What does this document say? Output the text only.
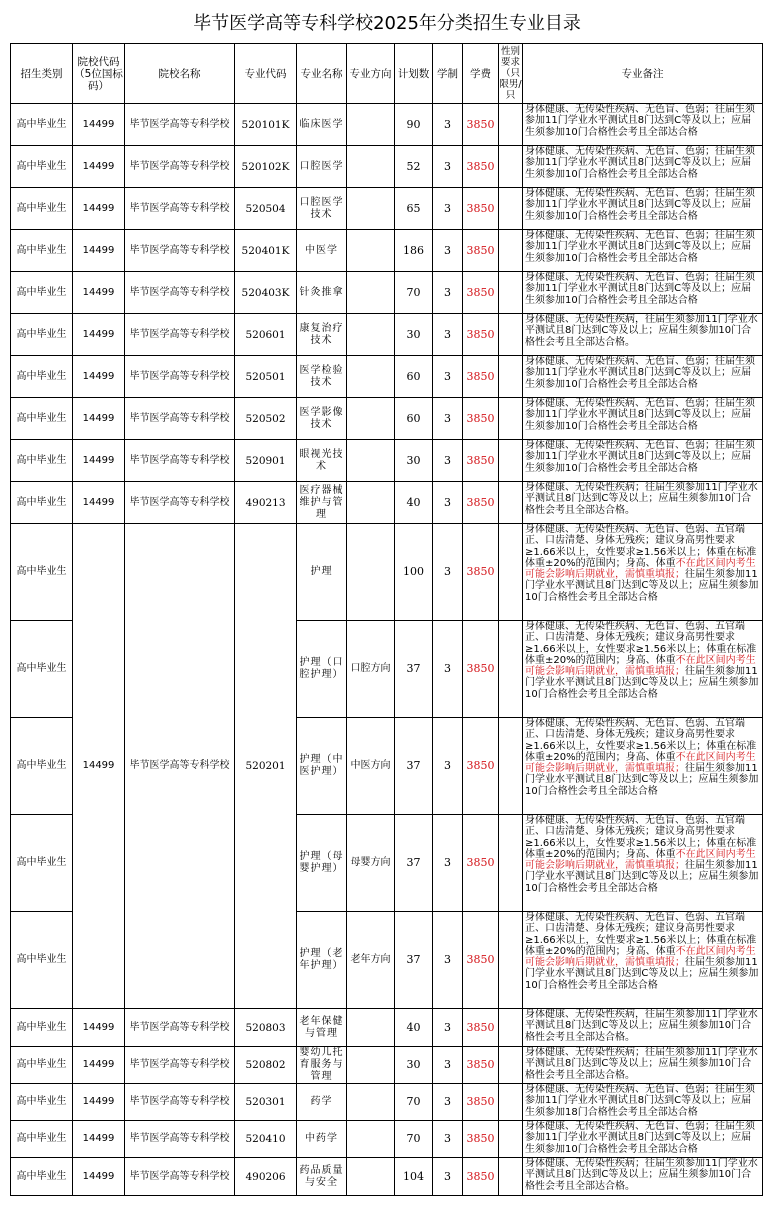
毕节医学高等专科学校2025年分类招生专业目录
招生类别	院校代码（5位国标码）	院校名称	专业代码	专业名称	专业方向	计划数	学制	学费	性别要求（只限男/只	专业备注
高中毕业生	14499	毕节医学高等专科学校	520101K	临床医学		90	3	3850		身体健康、无传染性疾病、无色盲、色弱；往届生须参加11门学业水平测试且8门达到C等及以上；应届生须参加10门合格性会考且全部达合格
高中毕业生	14499	毕节医学高等专科学校	520102K	口腔医学		52	3	3850		身体健康、无传染性疾病、无色盲、色弱；往届生须参加11门学业水平测试且8门达到C等及以上；应届生须参加10门合格性会考且全部达合格
高中毕业生	14499	毕节医学高等专科学校	520504	口腔医学技术		65	3	3850		身体健康、无传染性疾病、无色盲、色弱；往届生须参加11门学业水平测试且8门达到C等及以上；应届生须参加10门合格性会考且全部达合格
高中毕业生	14499	毕节医学高等专科学校	520401K	中医学		186	3	3850		身体健康、无传染性疾病、无色盲、色弱；往届生须参加11门学业水平测试且8门达到C等及以上；应届生须参加10门合格性会考且全部达合格
高中毕业生	14499	毕节医学高等专科学校	520403K	针灸推拿		70	3	3850		身体健康、无传染性疾病、无色盲、色弱；往届生须参加11门学业水平测试且8门达到C等及以上；应届生须参加10门合格性会考且全部达合格
高中毕业生	14499	毕节医学高等专科学校	520601	康复治疗技术		30	3	3850		身体健康、无传染性疾病，往届生须参加11门学业水平测试且8门达到C等及以上；应届生须参加10门合格性会考且全部达合格。
高中毕业生	14499	毕节医学高等专科学校	520501	医学检验技术		60	3	3850		身体健康、无传染性疾病、无色盲、色弱；往届生须参加11门学业水平测试且8门达到C等及以上；应届生须参加10门合格性会考且全部达合格
高中毕业生	14499	毕节医学高等专科学校	520502	医学影像技术		60	3	3850		身体健康、无传染性疾病、无色盲、色弱；往届生须参加11门学业水平测试且8门达到C等及以上；应届生须参加10门合格性会考且全部达合格
高中毕业生	14499	毕节医学高等专科学校	520901	眼视光技术		30	3	3850		身体健康、无传染性疾病、无色盲、色弱；往届生须参加11门学业水平测试且8门达到C等及以上；应届生须参加10门合格性会考且全部达合格
高中毕业生	14499	毕节医学高等专科学校	490213	医疗器械维护与管理		40	3	3850		身体健康、无传染性疾病；往届生须参加11门学业水平测试且8门达到C等及以上；应届生须参加10门合格性会考且全部达合格。
高中毕业生	14499	毕节医学高等专科学校	520201	护理		100	3	3850		身体健康、无传染性疾病、无色盲、色弱、五官端正、口齿清楚、身体无残疾；建议身高男性要求≥1.66米以上，女性要求≥1.56米以上；体重在标准体重±20%的范围内；身高、体重不在此区间内考生可能会影响后期就业，需慎重填报；往届生须参加11门学业水平测试且8门达到C等及以上；应届生须参加10门合格性会考且全部达合格
高中毕业生				护理（口腔护理）	口腔方向	37	3	3850		身体健康、无传染性疾病、无色盲、色弱、五官端正、口齿清楚、身体无残疾；建议身高男性要求≥1.66米以上，女性要求≥1.56米以上；体重在标准体重±20%的范围内；身高、体重不在此区间内考生可能会影响后期就业，需慎重填报；往届生须参加11门学业水平测试且8门达到C等及以上；应届生须参加10门合格性会考且全部达合格
高中毕业生				护理（中医护理）	中医方向	37	3	3850		身体健康、无传染性疾病、无色盲、色弱、五官端正、口齿清楚、身体无残疾；建议身高男性要求≥1.66米以上，女性要求≥1.56米以上；体重在标准体重±20%的范围内；身高、体重不在此区间内考生可能会影响后期就业，需慎重填报；往届生须参加11门学业水平测试且8门达到C等及以上；应届生须参加10门合格性会考且全部达合格
高中毕业生				护理（母婴护理）	母婴方向	37	3	3850		身体健康、无传染性疾病、无色盲、色弱、五官端正、口齿清楚、身体无残疾；建议身高男性要求≥1.66米以上，女性要求≥1.56米以上；体重在标准体重±20%的范围内；身高、体重不在此区间内考生可能会影响后期就业，需慎重填报；往届生须参加11门学业水平测试且8门达到C等及以上；应届生须参加10门合格性会考且全部达合格
高中毕业生				护理（老年护理）	老年方向	37	3	3850		身体健康、无传染性疾病、无色盲、色弱、五官端正、口齿清楚、身体无残疾；建议身高男性要求≥1.66米以上，女性要求≥1.56米以上；体重在标准体重±20%的范围内；身高、体重不在此区间内考生可能会影响后期就业，需慎重填报；往届生须参加11门学业水平测试且8门达到C等及以上；应届生须参加10门合格性会考且全部达合格
高中毕业生	14499	毕节医学高等专科学校	520803	老年保健与管理		40	3	3850		身体健康、无传染性疾病，往届生须参加11门学业水平测试且8门达到C等及以上；应届生须参加10门合格性会考且全部达合格。
高中毕业生	14499	毕节医学高等专科学校	520802	婴幼儿托育服务与管理		30	3	3850		身体健康、无传染性疾病；往届生须参加11门学业水平测试且8门达到C等及以上；应届生须参加10门合格性会考且全部达合格。
高中毕业生	14499	毕节医学高等专科学校	520301	药学		70	3	3850		身体健康、无传染性疾病、无色盲、色弱；往届生须参加11门学业水平测试且8门达到C等及以上；应届生须参加18门合格性会考且全部达合格
高中毕业生	14499	毕节医学高等专科学校	520410	中药学		70	3	3850		身体健康、无传染性疾病、无色盲、色弱；往届生须参加11门学业水平测试且8门达到C等及以上；应届生须参加10门合格性会考且全部达合格
高中毕业生	14499	毕节医学高等专科学校	490206	药品质量与安全		104	3	3850		身体健康、无传染性疾病；往届生须参加11门学业水平测试且8门达到C等及以上；应届生须参加10门合格性会考且全部达合格。
